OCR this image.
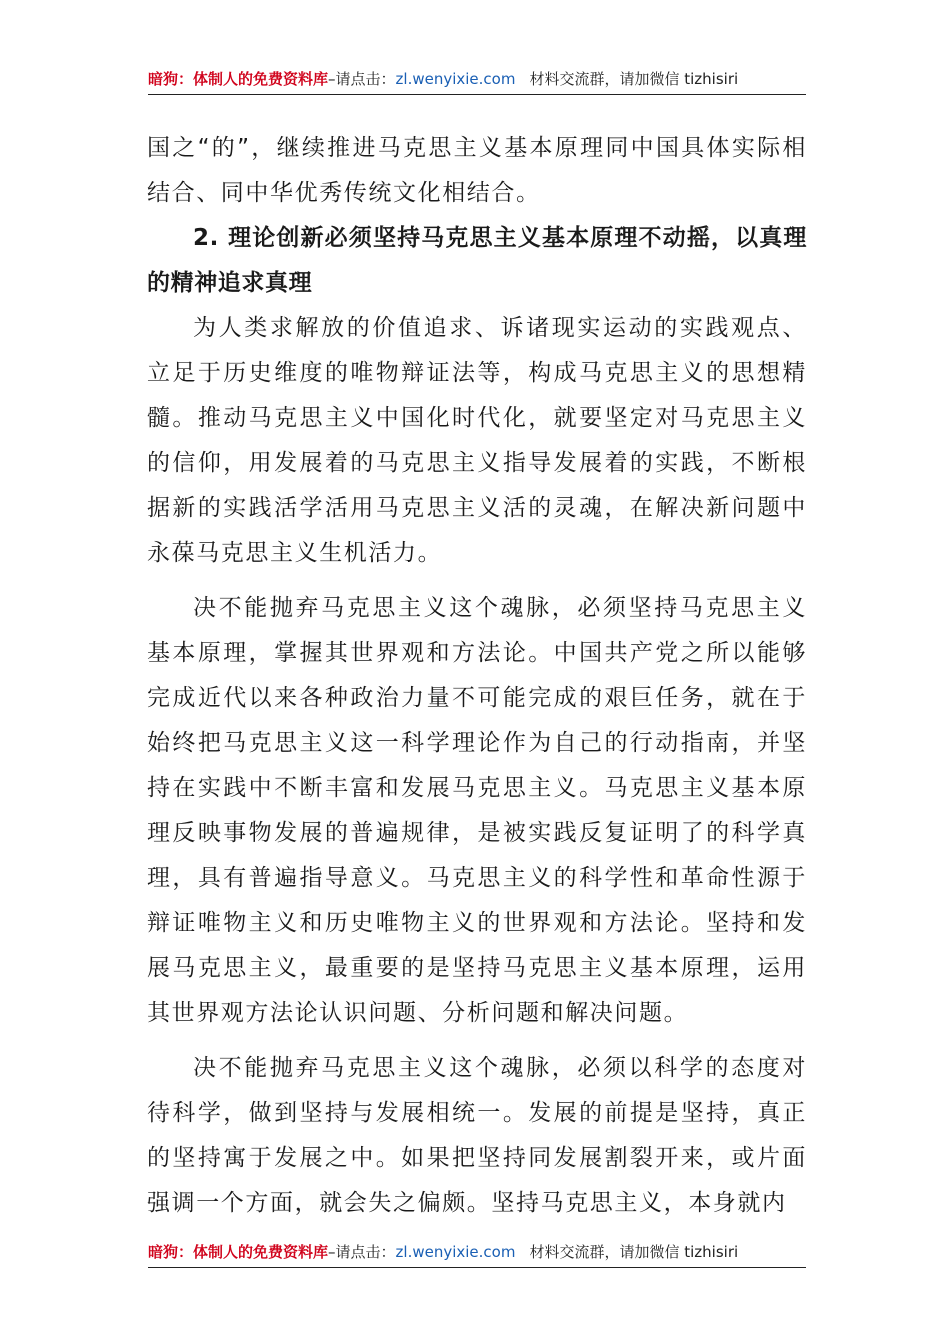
暗狗：体制人的免费资料库–请点击：zl.wenyixie.com 材料交流群，请加微信 tizhisiri

国之“的”，继续推进马克思主义基本原理同中国具体实际相结合、同中华优秀传统文化相结合。

2. 理论创新必须坚持马克思主义基本原理不动摇，以真理的精神追求真理

为人类求解放的价值追求、诉诸现实运动的实践观点、立足于历史维度的唯物辩证法等，构成马克思主义的思想精髓。推动马克思主义中国化时代化，就要坚定对马克思主义的信仰，用发展着的马克思主义指导发展着的实践，不断根据新的实践活学活用马克思主义活的灵魂，在解决新问题中永葆马克思主义生机活力。

决不能抛弃马克思主义这个魂脉，必须坚持马克思主义基本原理，掌握其世界观和方法论。中国共产党之所以能够完成近代以来各种政治力量不可能完成的艰巨任务，就在于始终把马克思主义这一科学理论作为自己的行动指南，并坚持在实践中不断丰富和发展马克思主义。马克思主义基本原理反映事物发展的普遍规律，是被实践反复证明了的科学真理，具有普遍指导意义。马克思主义的科学性和革命性源于辩证唯物主义和历史唯物主义的世界观和方法论。坚持和发展马克思主义，最重要的是坚持马克思主义基本原理，运用其世界观方法论认识问题、分析问题和解决问题。

决不能抛弃马克思主义这个魂脉，必须以科学的态度对待科学，做到坚持与发展相统一。发展的前提是坚持，真正的坚持寓于发展之中。如果把坚持同发展割裂开来，或片面强调一个方面，就会失之偏颇。坚持马克思主义，本身就内

暗狗：体制人的免费资料库–请点击：zl.wenyixie.com 材料交流群，请加微信 tizhisiri
